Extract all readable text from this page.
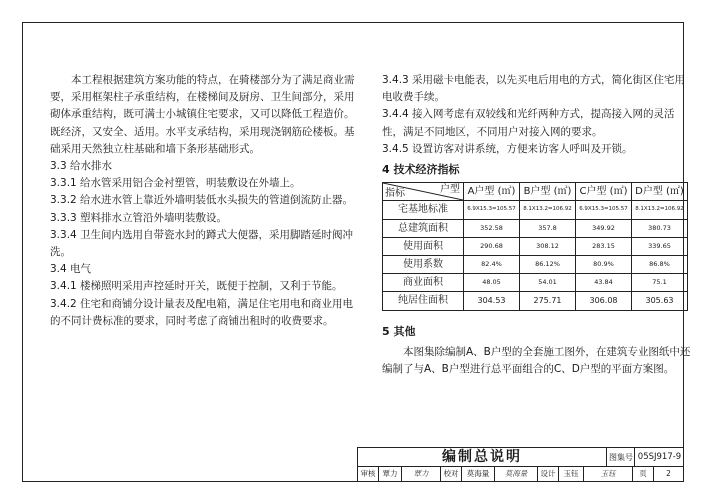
本工程根据建筑方案功能的特点，在骑楼部分为了满足商业需要，采用框架柱子承重结构，在楼梯间及厨房、卫生间部分，采用砌体承重结构，既可满士小城镇住宅要求，又可以降低工程造价。既经济，又安全、适用。水平支承结构，采用现浇钢筋砼楼板。基础采用天然独立柱基础和墙下条形基础形式。

3.3 给水排水

3.3.1 给水管采用铝合金衬塑管，明装敷设在外墙上。

3.3.2 给水进水管上靠近外墙明装低水头损失的管道倒流防止器。

3.3.3 塑料排水立管沿外墙明装敷设。

3.3.4 卫生间内选用自带瓷水封的蹲式大便器，采用脚踏延时阀冲洗。

3.4 电气

3.4.1 楼梯照明采用声控延时开关，既便于控制，又利于节能。

3.4.2 住宅和商铺分设计量表及配电箱，满足住宅用电和商业用电的不同计费标准的要求，同时考虑了商铺出租时的收费要求。

3.4.3 采用磁卡电能表，以先买电后用电的方式，简化街区住宅用电收费手续。

3.4.4 接入网考虑有双较线和光纤两种方式，提高接入网的灵活性，满足不同地区，不同用户对接入网的要求。

3.4.5 设置访客对讲系统，方便来访客人呼叫及开锁。

4 技术经济指标

户型
指标	A户型 (㎡)	B户型 (㎡)	C户型 (㎡)	D户型 (㎡)
宅基地标准	6.9X15.3=105.57	8.1X13.2=106.92	6.9X15.3=105.57	8.1X13.2=106.92
总建筑面积	352.58	357.8	349.92	380.73
使用面积	290.68	308.12	283.15	339.65
使用系数	82.4%	86.12%	80.9%	86.8%
商业面积	48.05	54.01	43.84	75.1
纯居住面积	304.53	275.71	306.08	305.63

5 其他

本图集除编制A、B户型的全套施工图外，在建筑专业图纸中还编制了与A、B户型进行总平面组合的C、D户型的平面方案图。

编制总说明	图集号 05SJ917-9
审核 覃力	覃力	校对	莫海量	莫海量	设计	玉钰	玉钰	页	2
